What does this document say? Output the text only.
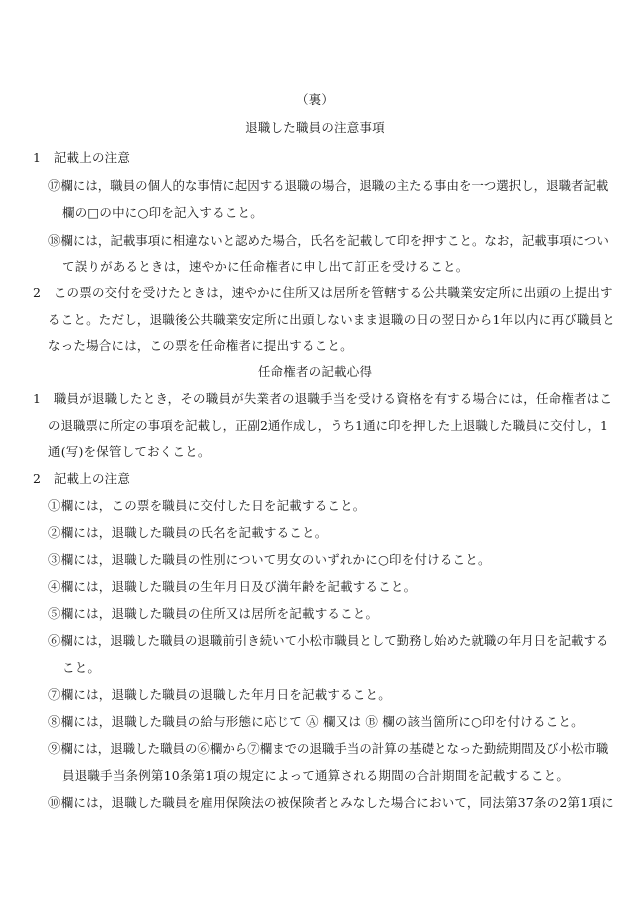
（裏）
退職した職員の注意事項
1　記載上の注意
⑰欄には，職員の個人的な事情に起因する退職の場合，退職の主たる事由を一つ選択し，退職者記載
欄の□の中に○印を記入すること。
⑱欄には，記載事項に相違ないと認めた場合，氏名を記載して印を押すこと。なお，記載事項につい
て誤りがあるときは，速やかに任命権者に申し出て訂正を受けること。
2　この票の交付を受けたときは，速やかに住所又は居所を管轄する公共職業安定所に出頭の上提出す
ること。ただし，退職後公共職業安定所に出頭しないまま退職の日の翌日から1年以内に再び職員と
なった場合には，この票を任命権者に提出すること。
任命権者の記載心得
1　職員が退職したとき，その職員が失業者の退職手当を受ける資格を有する場合には，任命権者はこ
の退職票に所定の事項を記載し，正副2通作成し，うち1通に印を押した上退職した職員に交付し，1
通(写)を保管しておくこと。
2　記載上の注意
①欄には，この票を職員に交付した日を記載すること。
②欄には，退職した職員の氏名を記載すること。
③欄には，退職した職員の性別について男女のいずれかに○印を付けること。
④欄には，退職した職員の生年月日及び満年齢を記載すること。
⑤欄には，退職した職員の住所又は居所を記載すること。
⑥欄には，退職した職員の退職前引き続いて小松市職員として勤務し始めた就職の年月日を記載する
こと。
⑦欄には，退職した職員の退職した年月日を記載すること。
⑧欄には，退職した職員の給与形態に応じて Ⓐ 欄又は Ⓑ 欄の該当箇所に○印を付けること。
⑨欄には，退職した職員の⑥欄から⑦欄までの退職手当の計算の基礎となった勤続期間及び小松市職
員退職手当条例第10条第1項の規定によって通算される期間の合計期間を記載すること。
⑩欄には，退職した職員を雇用保険法の被保険者とみなした場合において，同法第37条の2第1項に
